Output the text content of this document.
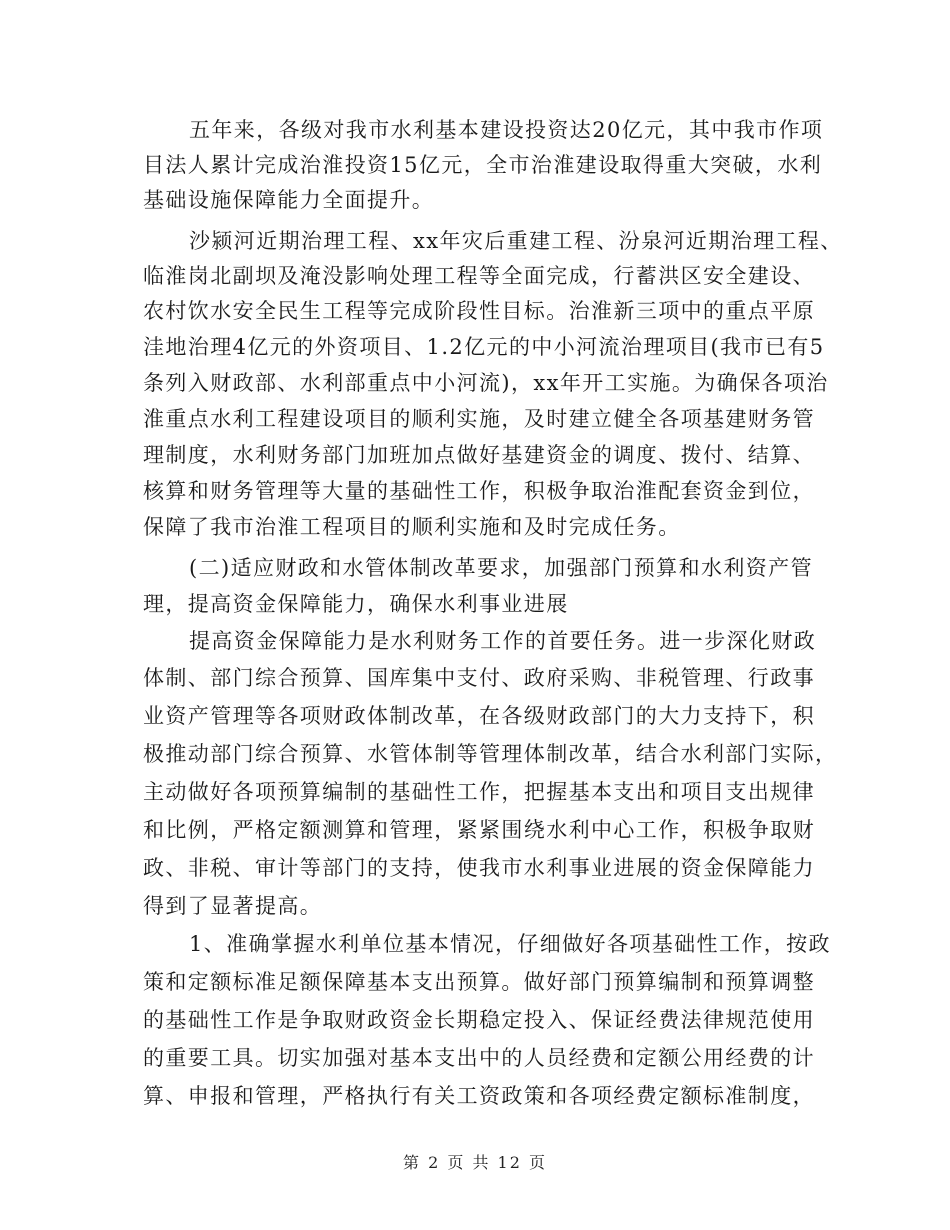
五年来，各级对我市水利基本建设投资达20亿元，其中我市作项
目法人累计完成治淮投资15亿元，全市治淮建设取得重大突破，水利
基础设施保障能力全面提升。
沙颍河近期治理工程、xx年灾后重建工程、汾泉河近期治理工程、
临淮岗北副坝及淹没影响处理工程等全面完成，行蓄洪区安全建设、
农村饮水安全民生工程等完成阶段性目标。治淮新三项中的重点平原
洼地治理4亿元的外资项目、1.2亿元的中小河流治理项目(我市已有5
条列入财政部、水利部重点中小河流)，xx年开工实施。为确保各项治
淮重点水利工程建设项目的顺利实施，及时建立健全各项基建财务管
理制度，水利财务部门加班加点做好基建资金的调度、拨付、结算、
核算和财务管理等大量的基础性工作，积极争取治淮配套资金到位，
保障了我市治淮工程项目的顺利实施和及时完成任务。
(二)适应财政和水管体制改革要求，加强部门预算和水利资产管
理，提高资金保障能力，确保水利事业进展
提高资金保障能力是水利财务工作的首要任务。进一步深化财政
体制、部门综合预算、国库集中支付、政府采购、非税管理、行政事
业资产管理等各项财政体制改革，在各级财政部门的大力支持下，积
极推动部门综合预算、水管体制等管理体制改革，结合水利部门实际，
主动做好各项预算编制的基础性工作，把握基本支出和项目支出规律
和比例，严格定额测算和管理，紧紧围绕水利中心工作，积极争取财
政、非税、审计等部门的支持，使我市水利事业进展的资金保障能力
得到了显著提高。
1、准确掌握水利单位基本情况，仔细做好各项基础性工作，按政
策和定额标准足额保障基本支出预算。做好部门预算编制和预算调整
的基础性工作是争取财政资金长期稳定投入、保证经费法律规范使用
的重要工具。切实加强对基本支出中的人员经费和定额公用经费的计
算、申报和管理，严格执行有关工资政策和各项经费定额标准制度，
第 2 页 共 12 页
